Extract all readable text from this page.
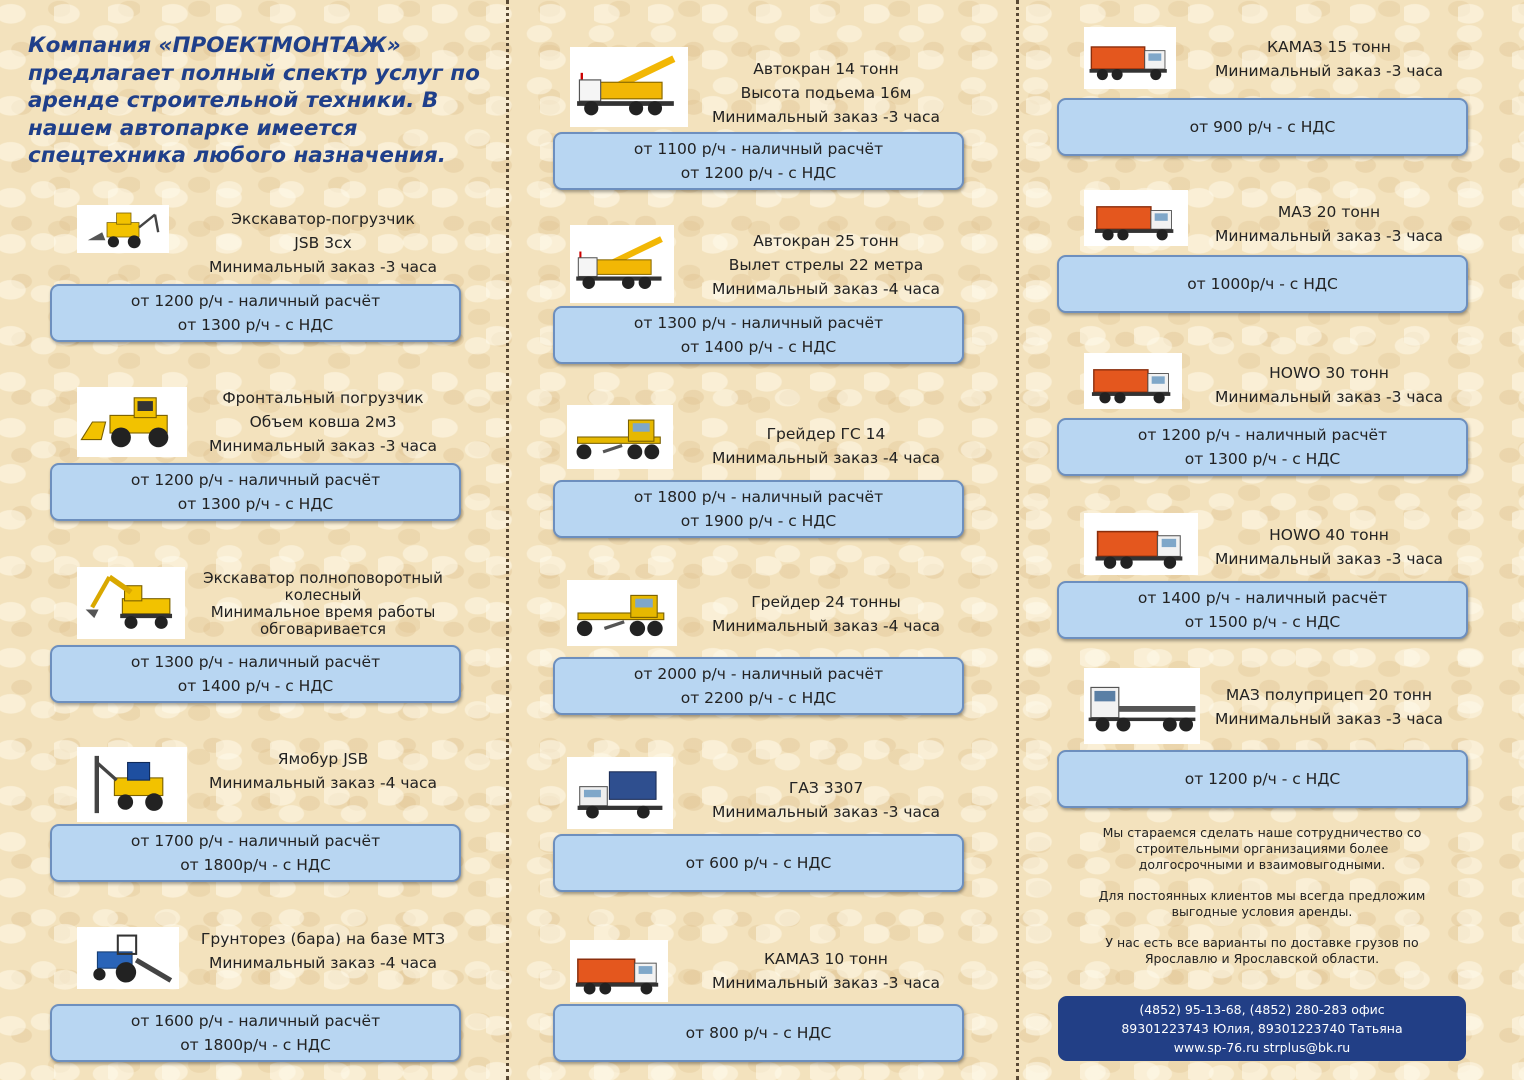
Компания «ПРОЕКТМОНТАЖ» предлагает полный спектр услуг по аренде строительной техники. В нашем автопарке имеется спецтехника любого назначения.
Экскаватор-погрузчик
JSB 3сх
Минимальный заказ -3 часа
от 1200 р/ч - наличный расчёт
от 1300 р/ч - с НДС
Фронтальный погрузчик
Объем ковша 2м3
Минимальный заказ -3 часа
от 1200 р/ч - наличный расчёт
от 1300 р/ч - с НДС
Экскаватор полноповоротный
колесный
Минимальное время работы
обговаривается
от 1300 р/ч - наличный расчёт
от 1400 р/ч - с НДС
Ямобур JSB
Минимальный заказ -4 часа
от 1700 р/ч - наличный расчёт
от 1800р/ч - с НДС
Грунторез (бара) на базе МТЗ
Минимальный заказ -4 часа
от 1600 р/ч - наличный расчёт
от 1800р/ч - с НДС
Автокран 14 тонн
Высота подьема 16м
Минимальный заказ -3 часа
от 1100 р/ч - наличный расчёт
от 1200 р/ч - с НДС
Автокран 25 тонн
Вылет стрелы 22 метра
Минимальный заказ -4 часа
от 1300 р/ч - наличный расчёт
от 1400 р/ч - с НДС
Грейдер ГС 14
Минимальный заказ -4 часа
от 1800 р/ч - наличный расчёт
от 1900 р/ч - с НДС
Грейдер 24 тонны
Минимальный заказ -4 часа
от 2000 р/ч - наличный расчёт
от 2200 р/ч - с НДС
ГАЗ 3307
Минимальный заказ -3 часа
от 600 р/ч - с НДС
КАМАЗ 10 тонн
Минимальный заказ -3 часа
от 800 р/ч - с НДС
КАМАЗ 15 тонн
Минимальный заказ -3 часа
от 900 р/ч - с НДС
МАЗ 20 тонн
Минимальный заказ -3 часа
от 1000р/ч - с НДС
HOWO 30 тонн
Минимальный заказ -3 часа
от 1200 р/ч - наличный расчёт
от 1300 р/ч - с НДС
HOWO 40 тонн
Минимальный заказ -3 часа
от 1400 р/ч - наличный расчёт
от 1500 р/ч - с НДС
МАЗ полуприцеп 20 тонн
Минимальный заказ -3 часа
от 1200 р/ч - с НДС
Мы стараемся сделать наше сотрудничество со
строительными организациями более
долгосрочными и взаимовыгодными.
Для постоянных клиентов мы всегда предложим
выгодные условия аренды.
У нас есть все варианты по доставке грузов по
Ярославлю и Ярославской области.
(4852) 95-13-68, (4852) 280-283 офис
89301223743 Юлия, 89301223740 Татьяна
www.sp-76.ru strplus@bk.ru
